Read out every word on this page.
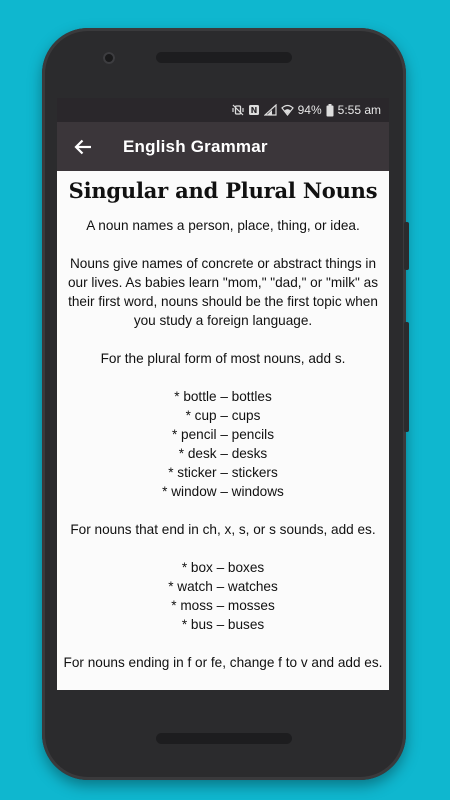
N	94% 5:55 am
English Grammar
Singular and Plural Nouns

A noun names a person, place, thing, or idea.

Nouns give names of concrete or abstract things in our lives. As babies learn "mom," "dad," or "milk" as their first word, nouns should be the first topic when you study a foreign language.

For the plural form of most nouns, add s.

* bottle – bottles
* cup – cups
* pencil – pencils
* desk – desks
* sticker – stickers
* window – windows

For nouns that end in ch, x, s, or s sounds, add es.

* box – boxes
* watch – watches
* moss – mosses
* bus – buses

For nouns ending in f or fe, change f to v and add es.
